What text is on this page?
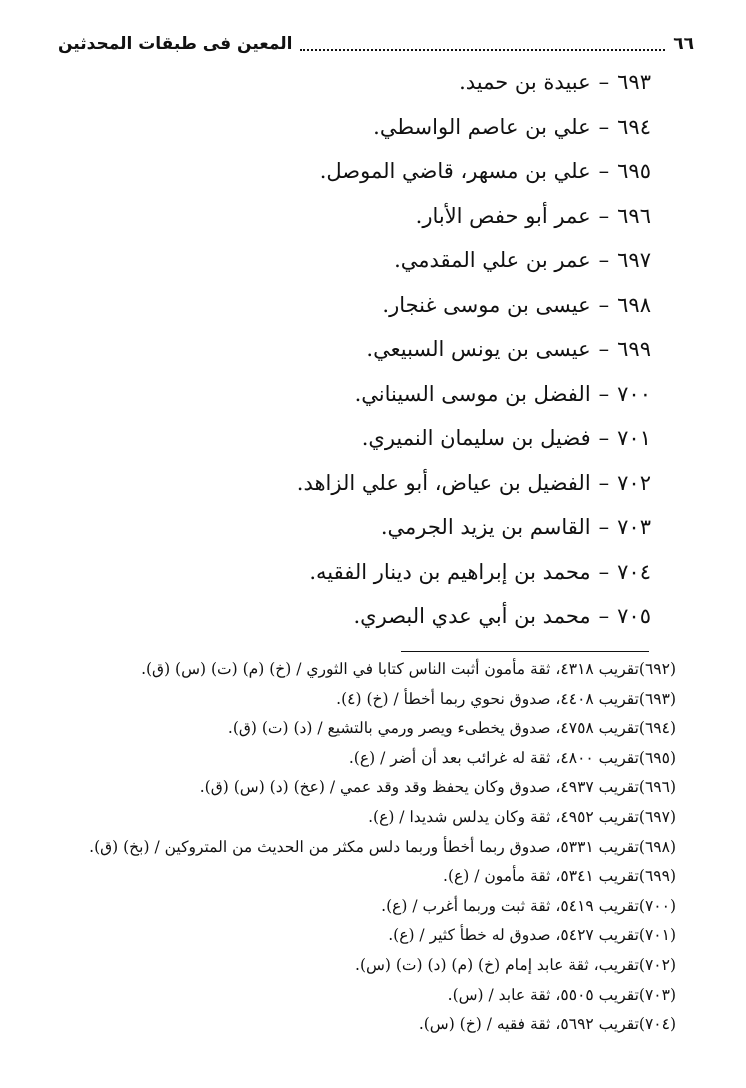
المعين فى طبقات المحدثين	٦٦
٦٩٣–عبيدة بن حميد.
٦٩٤–علي بن عاصم الواسطي.
٦٩٥–علي بن مسهر، قاضي الموصل.
٦٩٦–عمر أبو حفص الأبار.
٦٩٧–عمر بن علي المقدمي.
٦٩٨–عيسى بن موسى غنجار.
٦٩٩–عيسى بن يونس السبيعي.
٧٠٠–الفضل بن موسى السيناني.
٧٠١–فضيل بن سليمان النميري.
٧٠٢–الفضيل بن عياض، أبو علي الزاهد.
٧٠٣–القاسم بن يزيد الجرمي.
٧٠٤–محمد بن إبراهيم بن دينار الفقيه.
٧٠٥–محمد بن أبي عدي البصري.
(٦٩٢)تقريب ٤٣١٨، ثقة مأمون أثبت الناس كتابا في الثوري / (خ) (م) (ت) (س) (ق).
(٦٩٣)تقريب ٤٤٠٨، صدوق نحوي ربما أخطأ / (خ) (٤).
(٦٩٤)تقريب ٤٧٥٨، صدوق يخطىء ويصر ورمي بالتشيع / (د) (ت) (ق).
(٦٩٥)تقريب ٤٨٠٠، ثقة له غرائب بعد أن أضر / (ع).
(٦٩٦)تقريب ٤٩٣٧، صدوق وكان يحفظ وقد وقد عمي / (عخ) (د) (س) (ق).
(٦٩٧)تقريب ٤٩٥٢، ثقة وكان يدلس شديدا / (ع).
(٦٩٨)تقريب ٥٣٣١، صدوق ربما أخطأ وربما دلس مكثر من الحديث من المتروكين / (بخ) (ق).
(٦٩٩)تقريب ٥٣٤١، ثقة مأمون / (ع).
(٧٠٠)تقريب ٥٤١٩، ثقة ثبت وربما أغرب / (ع).
(٧٠١)تقريب ٥٤٢٧، صدوق له خطأ كثير / (ع).
(٧٠٢)تقريب، ثقة عابد إمام (خ) (م) (د) (ت) (س).
(٧٠٣)تقريب ٥٥٠٥، ثقة عابد / (س).
(٧٠٤)تقريب ٥٦٩٢، ثقة فقيه / (خ) (س).
